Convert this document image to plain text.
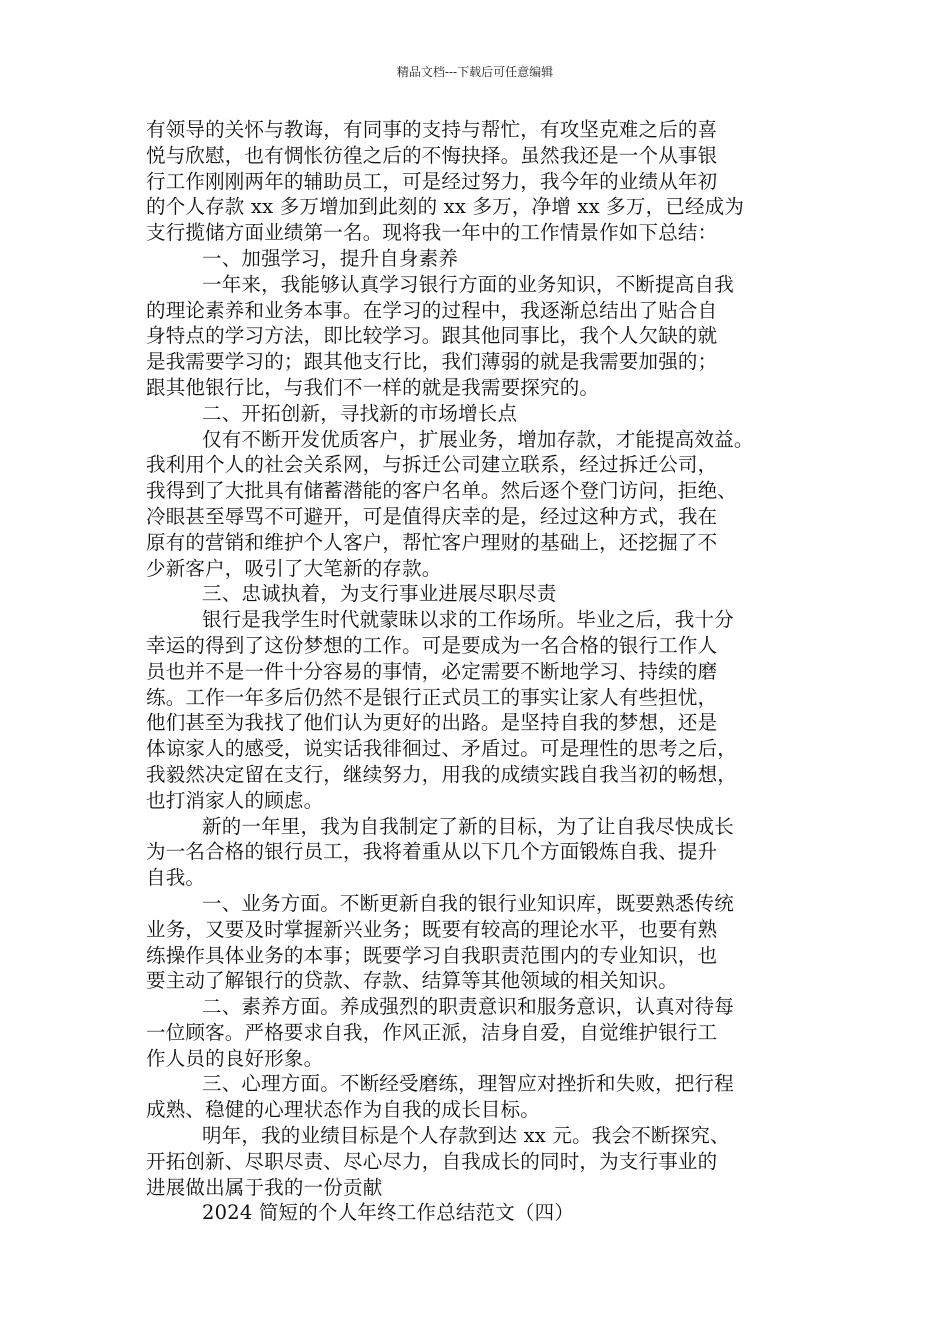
精品文档---下载后可任意编辑
有领导的关怀与教诲，有同事的支持与帮忙，有攻坚克难之后的喜
悦与欣慰，也有惆怅彷徨之后的不悔抉择。虽然我还是一个从事银
行工作刚刚两年的辅助员工，可是经过努力，我今年的业绩从年初
的个人存款 xx 多万增加到此刻的 xx 多万，净增 xx 多万，已经成为
支行揽储方面业绩第一名。现将我一年中的工作情景作如下总结：
一、加强学习，提升自身素养
一年来，我能够认真学习银行方面的业务知识，不断提高自我
的理论素养和业务本事。在学习的过程中，我逐渐总结出了贴合自
身特点的学习方法，即比较学习。跟其他同事比，我个人欠缺的就
是我需要学习的；跟其他支行比，我们薄弱的就是我需要加强的；
跟其他银行比，与我们不一样的就是我需要探究的。
二、开拓创新，寻找新的市场增长点
仅有不断开发优质客户，扩展业务，增加存款，才能提高效益。
我利用个人的社会关系网，与拆迁公司建立联系，经过拆迁公司，
我得到了大批具有储蓄潜能的客户名单。然后逐个登门访问，拒绝、
冷眼甚至辱骂不可避开，可是值得庆幸的是，经过这种方式，我在
原有的营销和维护个人客户，帮忙客户理财的基础上，还挖掘了不
少新客户，吸引了大笔新的存款。
三、忠诚执着，为支行事业进展尽职尽责
银行是我学生时代就蒙昧以求的工作场所。毕业之后，我十分
幸运的得到了这份梦想的工作。可是要成为一名合格的银行工作人
员也并不是一件十分容易的事情，必定需要不断地学习、持续的磨
练。工作一年多后仍然不是银行正式员工的事实让家人有些担忧，
他们甚至为我找了他们认为更好的出路。是坚持自我的梦想，还是
体谅家人的感受，说实话我徘徊过、矛盾过。可是理性的思考之后，
我毅然决定留在支行，继续努力，用我的成绩实践自我当初的畅想，
也打消家人的顾虑。
新的一年里，我为自我制定了新的目标，为了让自我尽快成长
为一名合格的银行员工，我将着重从以下几个方面锻炼自我、提升
自我。
一、业务方面。不断更新自我的银行业知识库，既要熟悉传统
业务，又要及时掌握新兴业务；既要有较高的理论水平，也要有熟
练操作具体业务的本事；既要学习自我职责范围内的专业知识，也
要主动了解银行的贷款、存款、结算等其他领域的相关知识。
二、素养方面。养成强烈的职责意识和服务意识，认真对待每
一位顾客。严格要求自我，作风正派，洁身自爱，自觉维护银行工
作人员的良好形象。
三、心理方面。不断经受磨练，理智应对挫折和失败，把行程
成熟、稳健的心理状态作为自我的成长目标。
明年，我的业绩目标是个人存款到达 xx 元。我会不断探究、
开拓创新、尽职尽责、尽心尽力，自我成长的同时，为支行事业的
进展做出属于我的一份贡献
2024 简短的个人年终工作总结范文（四）
